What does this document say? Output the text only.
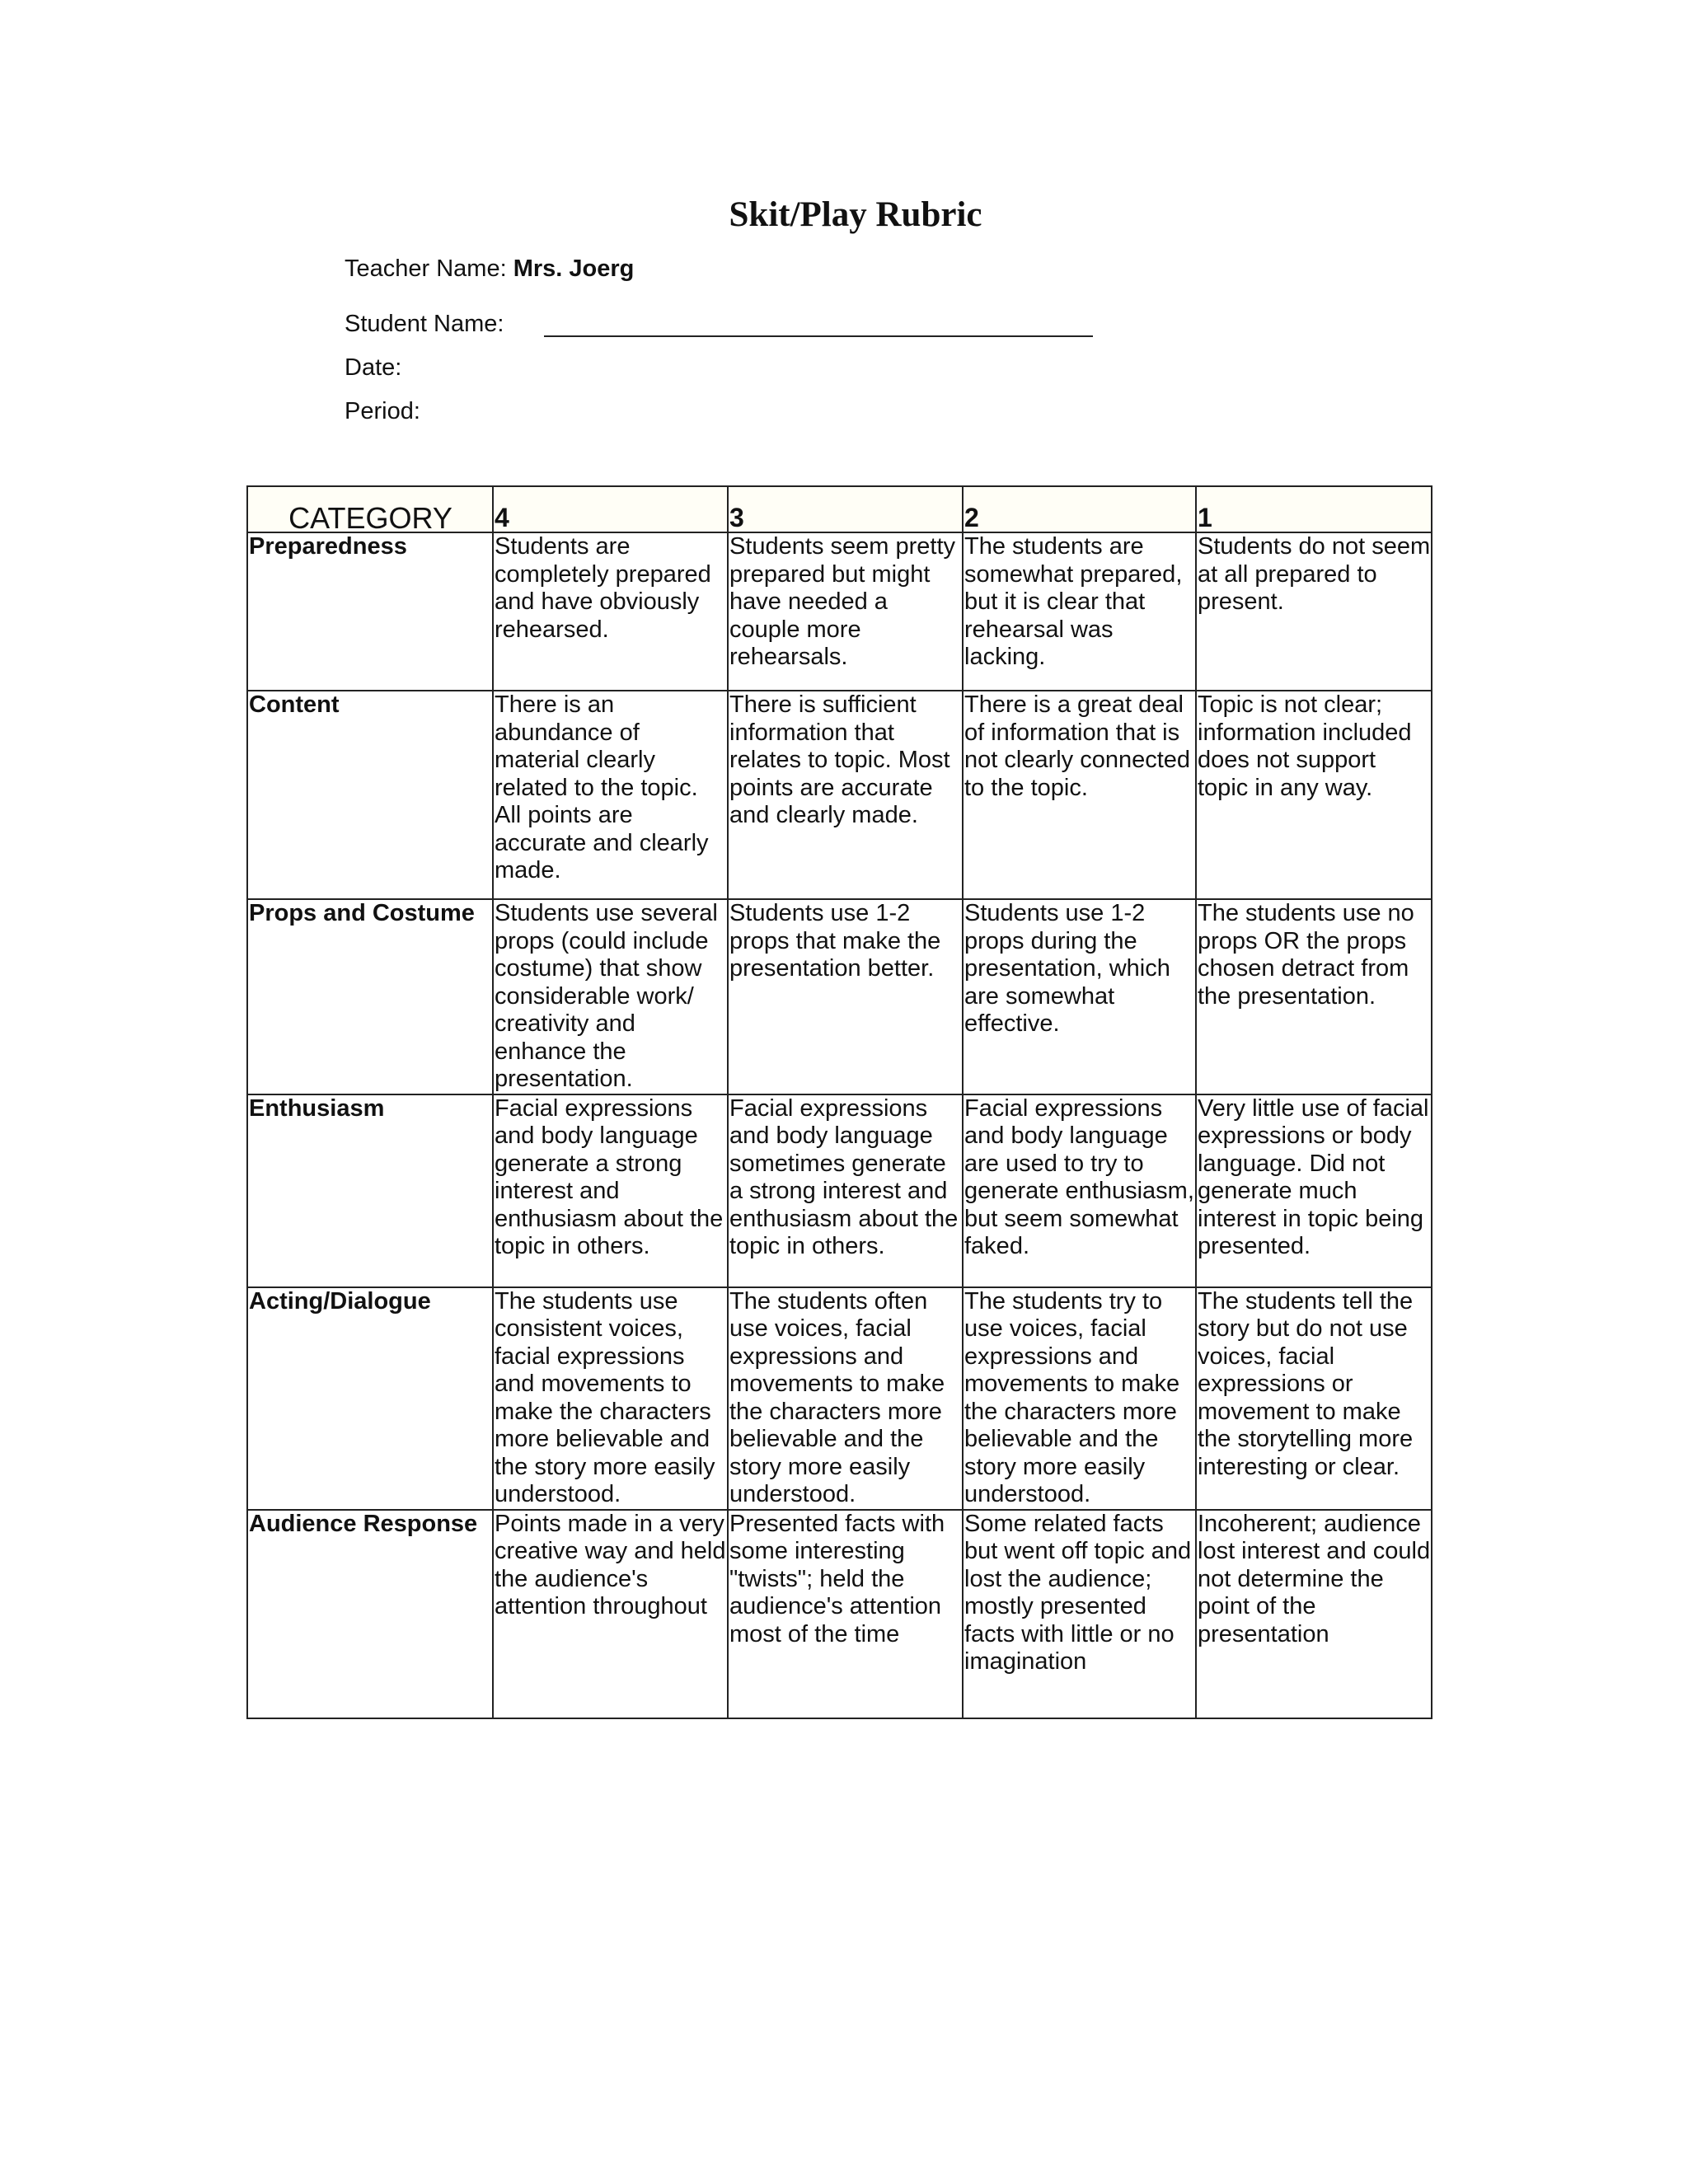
Skit/Play Rubric
Teacher Name: Mrs. Joerg
Student Name:
Date:
Period:
CATEGORY	4	3	2	1
Preparedness	Students are completely prepared and have obviously rehearsed.	Students seem pretty prepared but might have needed a couple more rehearsals.	The students are somewhat prepared, but it is clear that rehearsal was lacking.	Students do not seem at all prepared to present.
Content	There is an abundance of material clearly related to the topic. All points are accurate and clearly made.	There is sufficient information that relates to topic. Most points are accurate and clearly made.	There is a great deal of information that is not clearly connected to the topic.	Topic is not clear; information included does not support topic in any way.
Props and Costume	Students use several props (could include costume) that show considerable work/ creativity and enhance the presentation.	Students use 1-2 props that make the presentation better.	Students use 1-2 props during the presentation, which are somewhat effective.	The students use no props OR the props chosen detract from the presentation.
Enthusiasm	Facial expressions and body language generate a strong interest and enthusiasm about the topic in others.	Facial expressions and body language sometimes generate a strong interest and enthusiasm about the topic in others.	Facial expressions and body language are used to try to generate enthusiasm, but seem somewhat faked.	Very little use of facial expressions or body language. Did not generate much interest in topic being presented.
Acting/Dialogue	The students use consistent voices, facial expressions and movements to make the characters more believable and the story more easily understood.	The students often use voices, facial expressions and movements to make the characters more believable and the story more easily understood.	The students try to use voices, facial expressions and movements to make the characters more believable and the story more easily understood.	The students tell the story but do not use voices, facial expressions or movement to make the storytelling more interesting or clear.
Audience Response	Points made in a very creative way and held the audience's attention throughout	Presented facts with some interesting "twists"; held the audience's attention most of the time	Some related facts but went off topic and lost the audience; mostly presented facts with little or no imagination	Incoherent; audience lost interest and could not determine the point of the presentation
